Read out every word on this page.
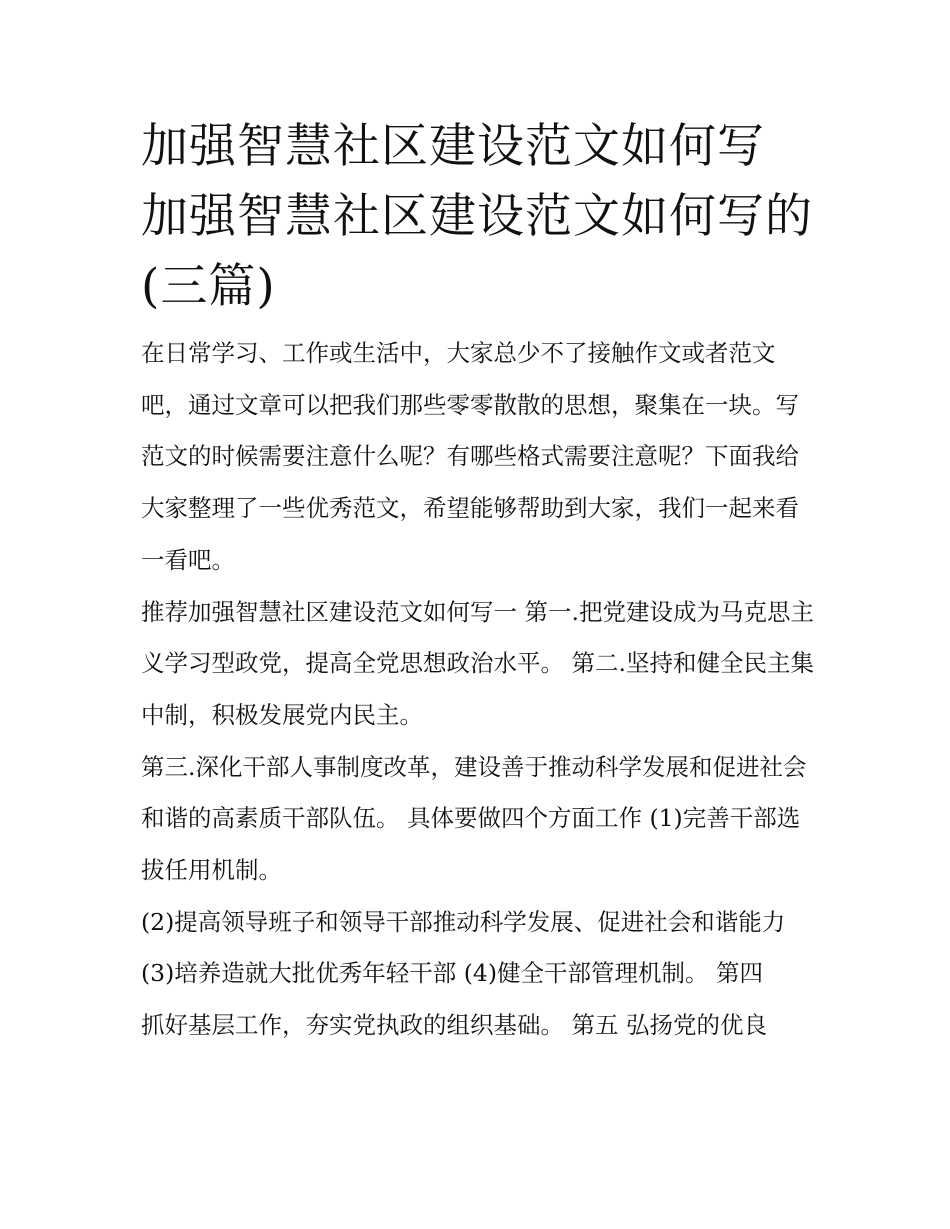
加强智慧社区建设范文如何写 加强智慧社区建设范文如何写的(三篇)

在日常学习、工作或生活中，大家总少不了接触作文或者范文吧，通过文章可以把我们那些零零散散的思想，聚集在一块。写范文的时候需要注意什么呢？有哪些格式需要注意呢？下面我给大家整理了一些优秀范文，希望能够帮助到大家，我们一起来看一看吧。

推荐加强智慧社区建设范文如何写一 第一.把党建设成为马克思主义学习型政党，提高全党思想政治水平。 第二.坚持和健全民主集中制，积极发展党内民主。

第三.深化干部人事制度改革，建设善于推动科学发展和促进社会和谐的高素质干部队伍。 具体要做四个方面工作 (1)完善干部选拔任用机制。

(2)提高领导班子和领导干部推动科学发展、促进社会和谐能力 (3)培养造就大批优秀年轻干部 (4)健全干部管理机制。 第四

抓好基层工作，夯实党执政的组织基础。 第五 弘扬党的优良
